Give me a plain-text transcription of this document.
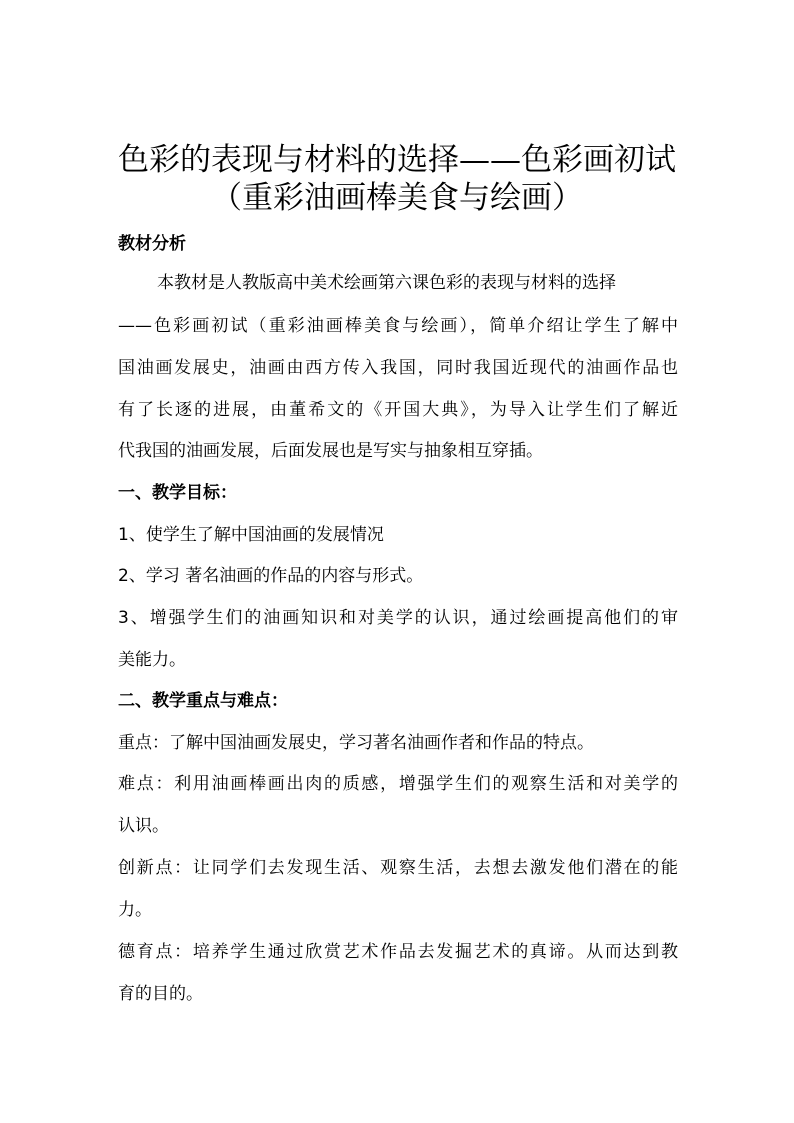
色彩的表现与材料的选择——色彩画初试
（重彩油画棒美食与绘画）
教材分析
本教材是人教版高中美术绘画第六课色彩的表现与材料的选择
——色彩画初试（重彩油画棒美食与绘画），简单介绍让学生了解中
国油画发展史，油画由西方传入我国，同时我国近现代的油画作品也
有了长逐的进展，由董希文的《开国大典》，为导入让学生们了解近
代我国的油画发展，后面发展也是写实与抽象相互穿插。
一、教学目标：
1、使学生了解中国油画的发展情况
2、学习 著名油画的作品的内容与形式。
3、增强学生们的油画知识和对美学的认识，通过绘画提高他们的审
美能力。
二、教学重点与难点：
重点：了解中国油画发展史，学习著名油画作者和作品的特点。
难点：利用油画棒画出肉的质感，增强学生们的观察生活和对美学的
认识。
创新点：让同学们去发现生活、观察生活，去想去激发他们潜在的能
力。
德育点：培养学生通过欣赏艺术作品去发掘艺术的真谛。从而达到教
育的目的。
